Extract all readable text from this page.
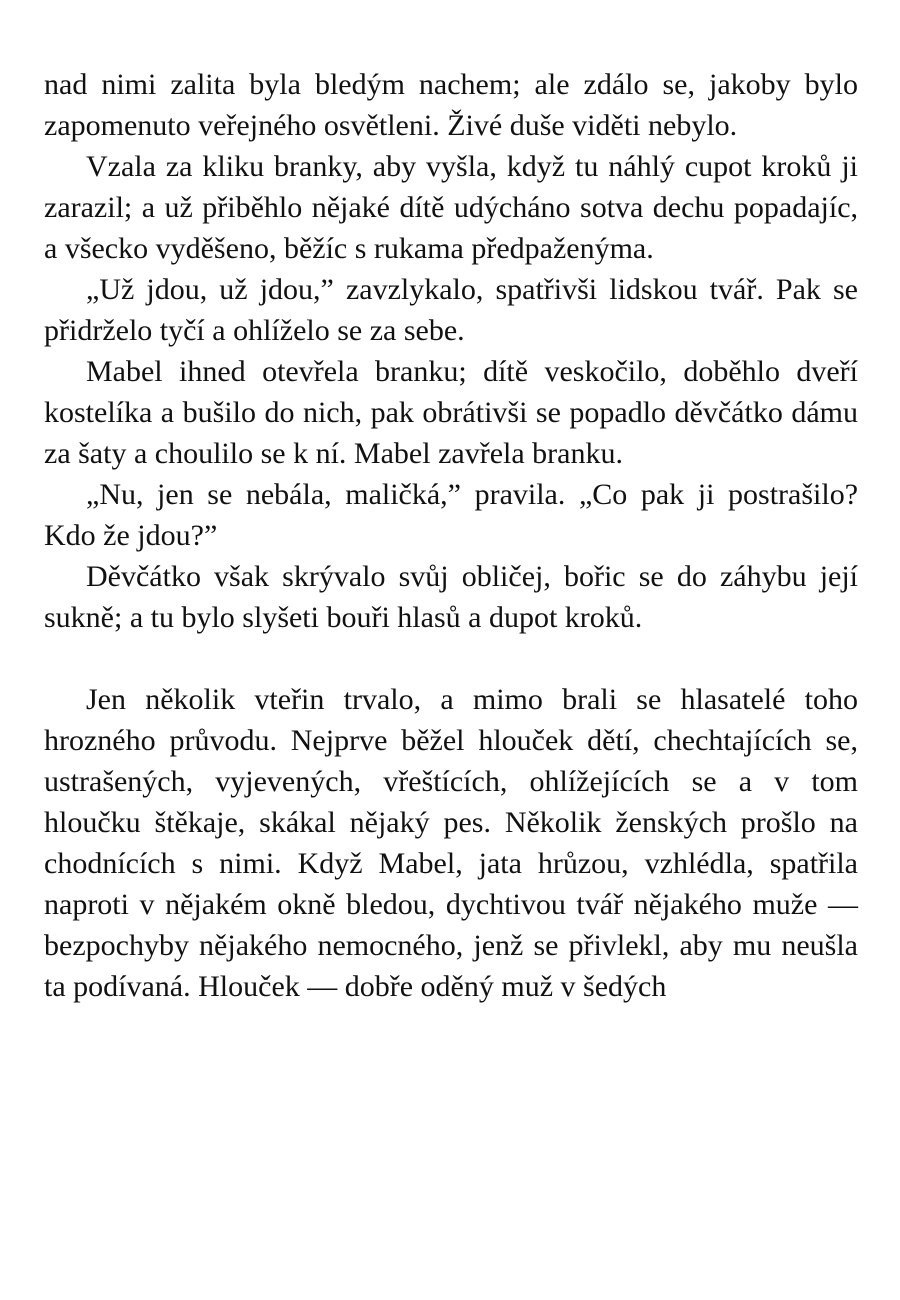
nad nimi zalita byla bledým nachem; ale zdálo se, jakoby bylo zapomenuto veřejného osvětleni. Živé duše viděti nebylo.

Vzala za kliku branky, aby vyšla, když tu náhlý cupot kroků ji zarazil; a už přiběhlo nějaké dítě udýcháno sotva dechu popadajíc, a všecko vyděšeno, běžíc s rukama předpaženýma.

„Už jdou, už jdou,” zavzlykalo, spatřivši lidskou tvář. Pak se přidrželo tyčí a ohlíželo se za sebe.

Mabel ihned otevřela branku; dítě veskočilo, doběhlo dveří kostelíka a bušilo do nich, pak obrátivši se popadlo děvčátko dámu za šaty a choulilo se k ní. Mabel zavřela branku.

„Nu, jen se nebála, maličká,” pravila. „Co pak ji postrašilo? Kdo že jdou?”

Děvčátko však skrývalo svůj obličej, bořic se do záhybu její sukně; a tu bylo slyšeti bouři hlasů a dupot kroků.

Jen několik vteřin trvalo, a mimo brali se hlasatelé toho hrozného průvodu. Nejprve běžel hlouček dětí, chechtajících se, ustrašených, vyjevených, vřeštících, ohlížejících se a v tom hloučku štěkaje, skákal nějaký pes. Několik ženských prošlo na chodnících s nimi. Když Mabel, jata hrůzou, vzhlédla, spatřila naproti v nějakém okně bledou, dychtivou tvář nějakého muže — bezpochyby nějakého nemocného, jenž se přivlekl, aby mu neušla ta podívaná. Hlouček — dobře oděný muž v šedých
